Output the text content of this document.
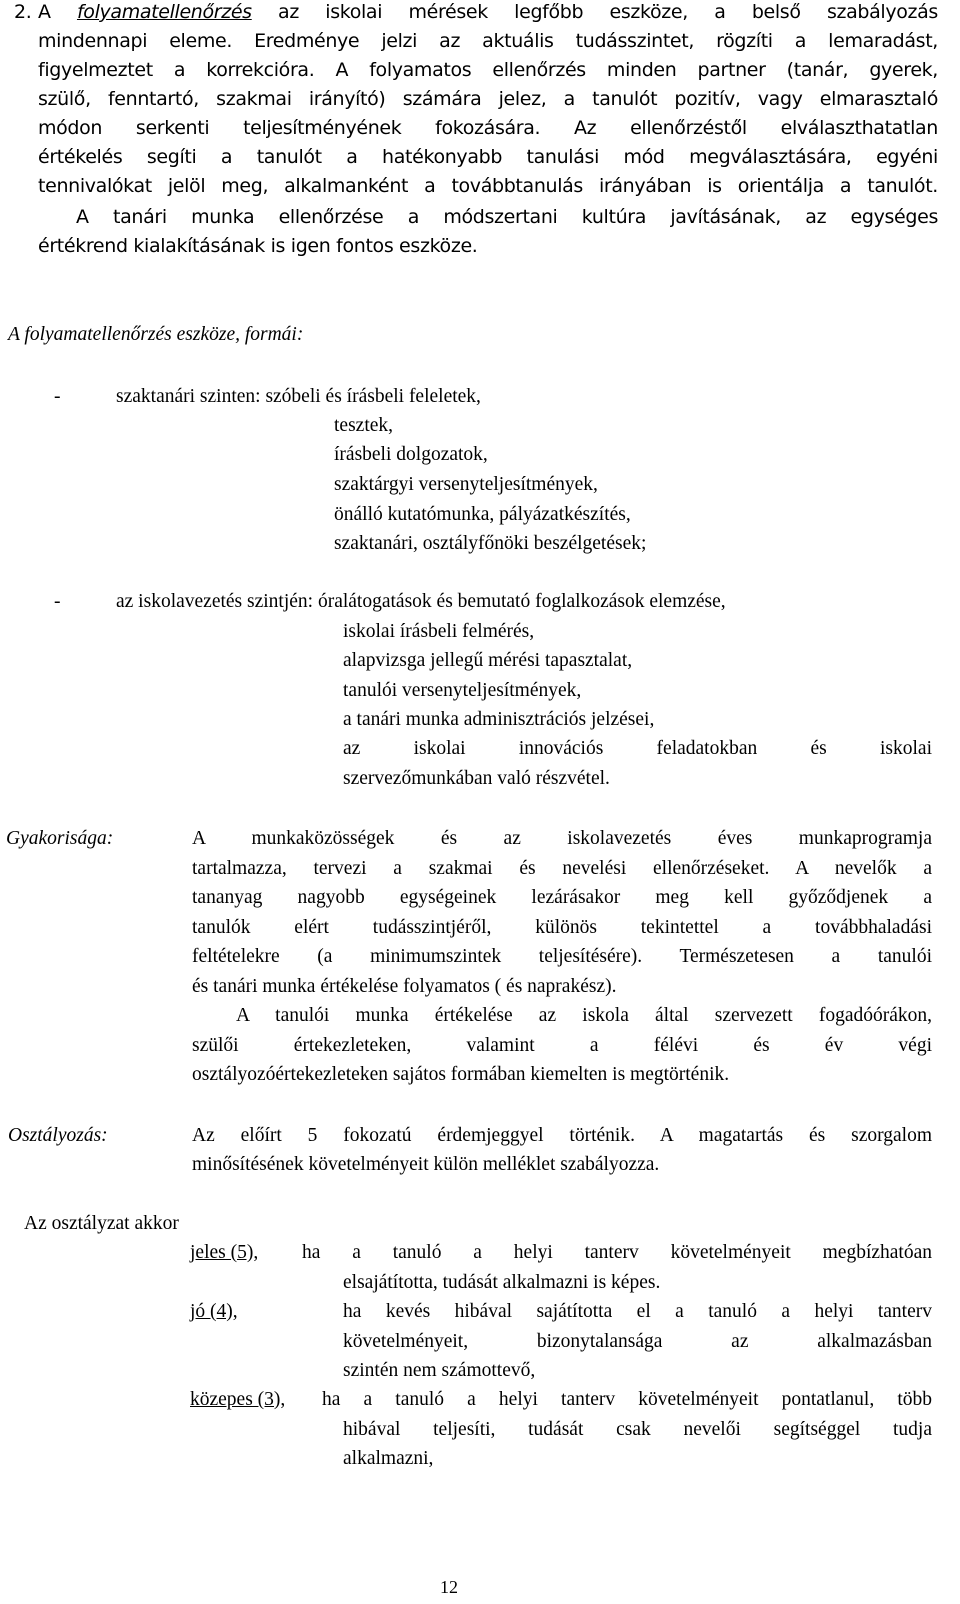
2. A folyamatellenőrzés az iskolai mérések legfőbb eszköze, a belső szabályozás
mindennapi eleme. Eredménye jelzi az aktuális tudásszintet, rögzíti a lemaradást,
figyelmeztet a korrekcióra. A folyamatos ellenőrzés minden partner (tanár, gyerek,
szülő, fenntartó, szakmai irányító) számára jelez, a tanulót pozitív, vagy elmarasztaló
módon serkenti teljesítményének fokozására. Az ellenőrzéstől elválaszthatatlan
értékelés segíti a tanulót a hatékonyabb tanulási mód megválasztására, egyéni
tennivalókat jelöl meg, alkalmanként a továbbtanulás irányában is orientálja a tanulót.
A tanári munka ellenőrzése a módszertani kultúra javításának, az egységes
értékrend kialakításának is igen fontos eszköze.
A folyamatellenőrzés eszköze, formái:
-	szaktanári szinten: szóbeli és írásbeli feleletek,
tesztek,
írásbeli dolgozatok,
szaktárgyi versenyteljesítmények,
önálló kutatómunka, pályázatkészítés,
szaktanári, osztályfőnöki beszélgetések;
-	az iskolavezetés szintjén: óralátogatások és bemutató foglalkozások elemzése,
iskolai írásbeli felmérés,
alapvizsga jellegű mérési tapasztalat,
tanulói versenyteljesítmények,
a tanári munka adminisztrációs jelzései,
az iskolai innovációs feladatokban és iskolai
szervezőmunkában való részvétel.
Gyakorisága:	A munkaközösségek és az iskolavezetés éves munkaprogramja
tartalmazza, tervezi a szakmai és nevelési ellenőrzéseket. A nevelők a
tananyag nagyobb egységeinek lezárásakor meg kell győződjenek a
tanulók elért tudásszintjéről, különös tekintettel a továbbhaladási
feltételekre (a minimumszintek teljesítésére). Természetesen a tanulói
és tanári munka értékelése folyamatos ( és naprakész).
A tanulói munka értékelése az iskola által szervezett fogadóórákon,
szülői értekezleteken, valamint a félévi és év végi
osztályozóértekezleteken sajátos formában kiemelten is megtörténik.
Osztályozás:	Az előírt 5 fokozatú érdemjeggyel történik. A magatartás és szorgalom
minősítésének követelményeit külön melléklet szabályozza.
Az osztályzat akkor
jeles (5), ha a tanuló a helyi tanterv követelményeit megbízhatóan
elsajátította, tudását alkalmazni is képes.
jó (4),	ha kevés hibával sajátította el a tanuló a helyi tanterv
követelményeit, bizonytalansága az alkalmazásban
szintén nem számottevő,
közepes (3), ha a tanuló a helyi tanterv követelményeit pontatlanul, több
hibával teljesíti, tudását csak nevelői segítséggel tudja
alkalmazni,
12
